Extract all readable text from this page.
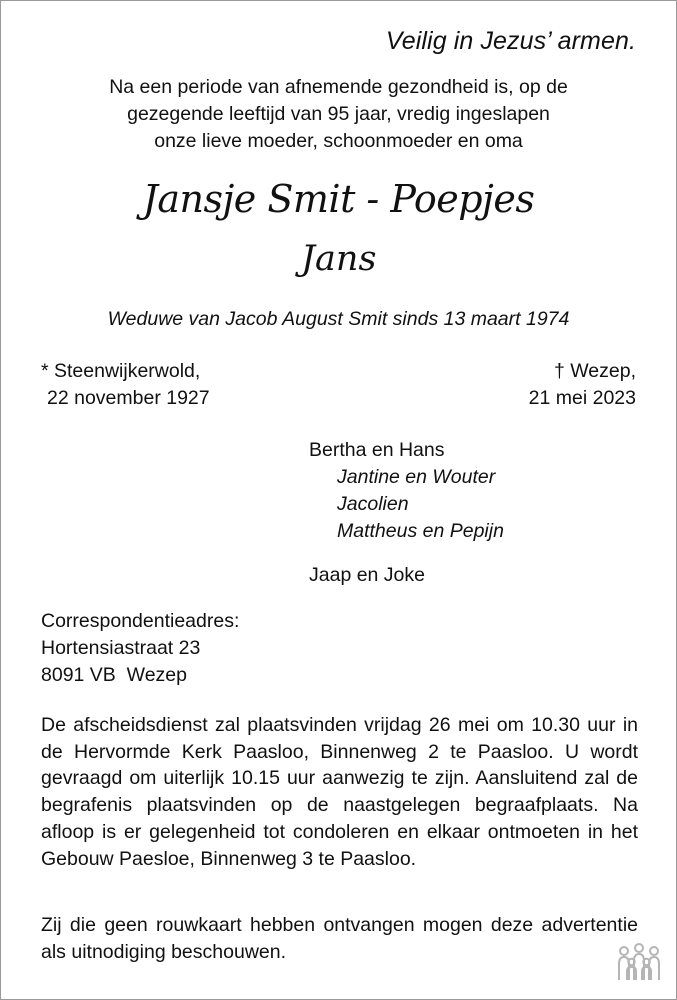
Veilig in Jezus’ armen.
Na een periode van afnemende gezondheid is, op de
gezegende leeftijd van 95 jaar, vredig ingeslapen
onze lieve moeder, schoonmoeder en oma
Jansje Smit - Poepjes
Jans
Weduwe van Jacob August Smit sinds 13 maart 1974
* Steenwijkerwold,
22 november 1927
† Wezep,
21 mei 2023
Bertha en Hans
Jantine en Wouter
Jacolien
Mattheus en Pepijn
Jaap en Joke
Correspondentieadres:
Hortensiastraat 23
8091 VB  Wezep
De afscheidsdienst zal plaatsvinden vrijdag 26 mei om 10.30 uur in de Hervormde Kerk Paasloo, Binnenweg 2 te Paasloo. U wordt gevraagd om uiterlijk 10.15 uur aanwezig te zijn. Aansluitend zal de begrafenis plaatsvinden op de naastgelegen begraafplaats. Na afloop is er gelegenheid tot condoleren en elkaar ontmoeten in het Gebouw Paesloe, Binnenweg 3 te Paasloo.
Zij die geen rouwkaart hebben ontvangen mogen deze advertentie als uitnodiging beschouwen.
